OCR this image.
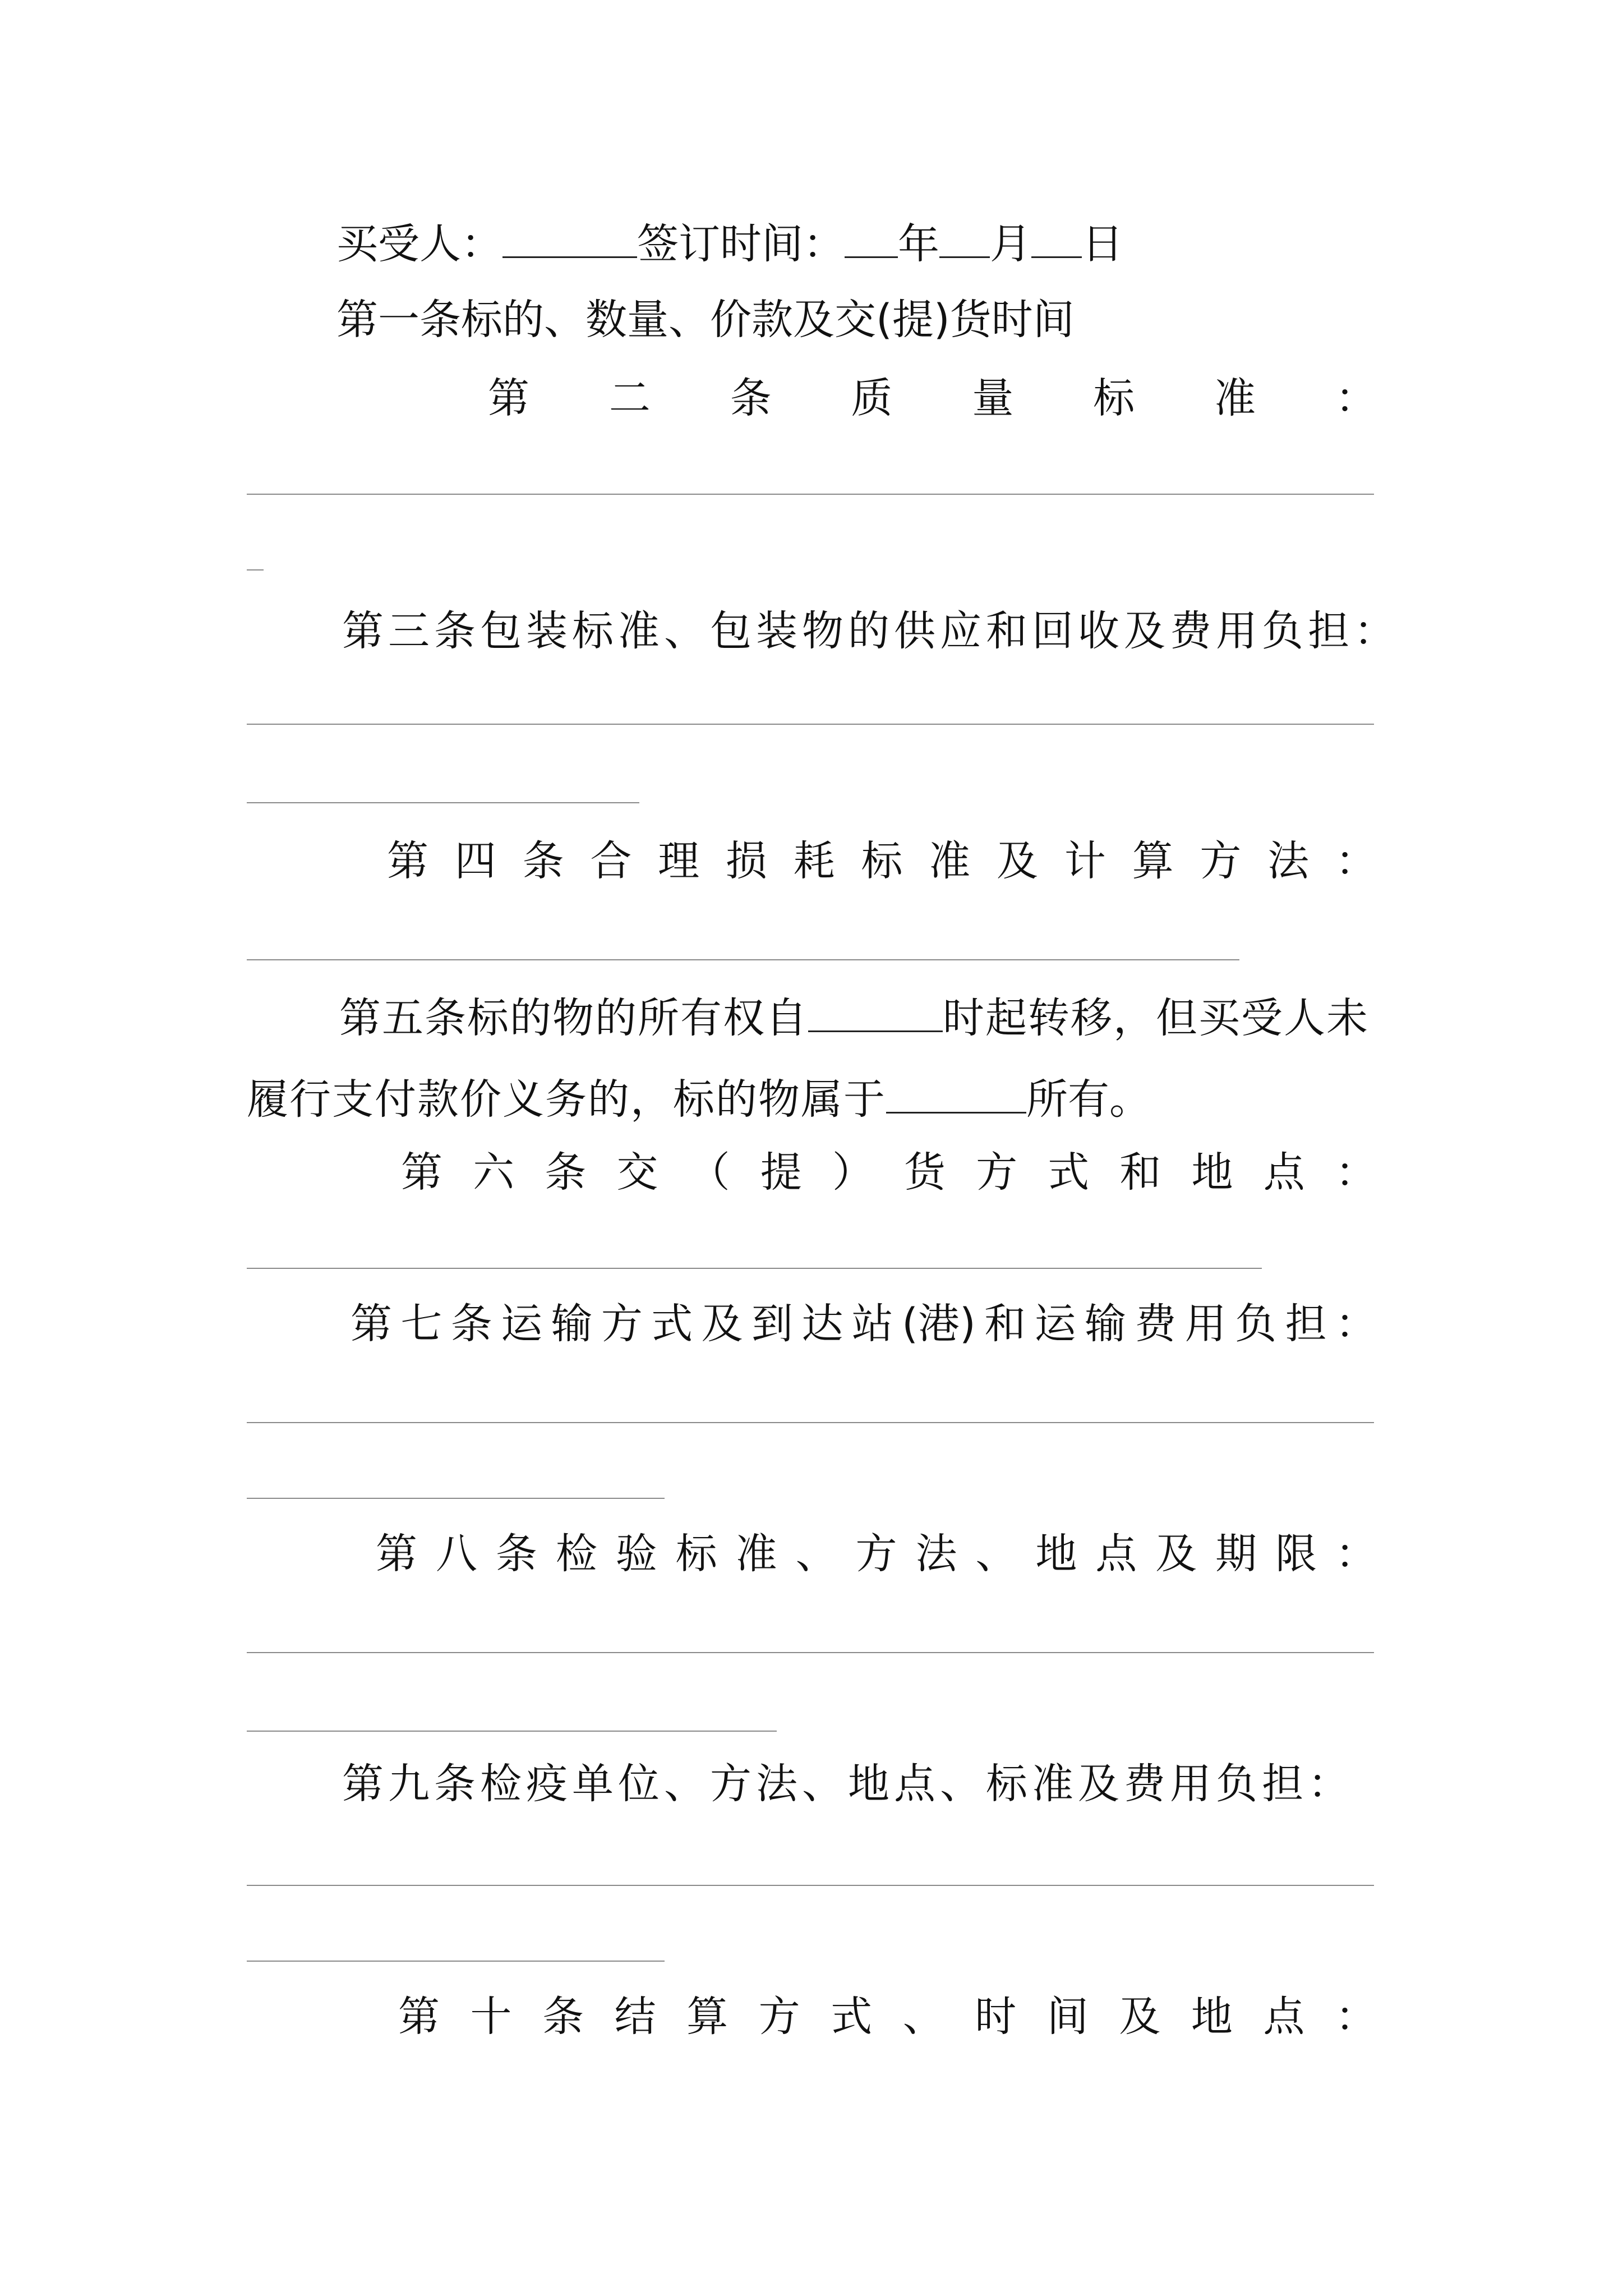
买受人：	签订时间： 年 月 日
第一条标的、数量、价款及交(提)货时间
第 二 条 质 量 标 准 ：
第三条包装标准、包装物的供应和回收及费用负担：
第 四 条 合 理 损 耗 标 准 及 计 算 方 法 ：
第五条标的物的所有权自	时起转移，但买受人未
履行支付款价义务的，标的物属于	所有。
第 六 条 交 （ 提 ） 货 方 式 和 地 点 ：
第 七 条 运 输 方 式 及 到 达 站 (港) 和 运 输 费 用 负 担 ：
第 八 条 检 验 标 准 、 方 法 、 地 点 及 期 限 ：
第九条检疫单位、方法、地点、标准及费用负担：
第 十 条 结 算 方 式 、 时 间 及 地 点 ：
